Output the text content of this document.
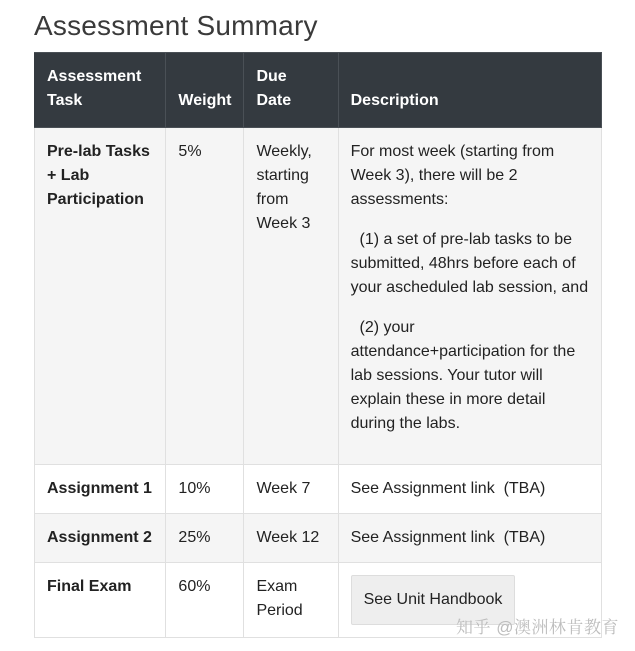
Assessment Summary
Assessment Task	Weight	Due Date	Description
Pre-lab Tasks + Lab Participation	5%	Weekly, starting from Week 3	For most week (starting from Week 3), there will be 2 assessments:

(1) a set of pre-lab tasks to be submitted, 48hrs before each of your ascheduled lab session, and

(2) your attendance+participation for the lab sessions. Your tutor will explain these in more detail during the labs.

Assignment 1	10%	Week 7	See Assignment link  (TBA)
Assignment 2	25%	Week 12	See Assignment link  (TBA)
Final Exam	60%	Exam Period	See Unit Handbook
知乎 @澳洲林肯教育
